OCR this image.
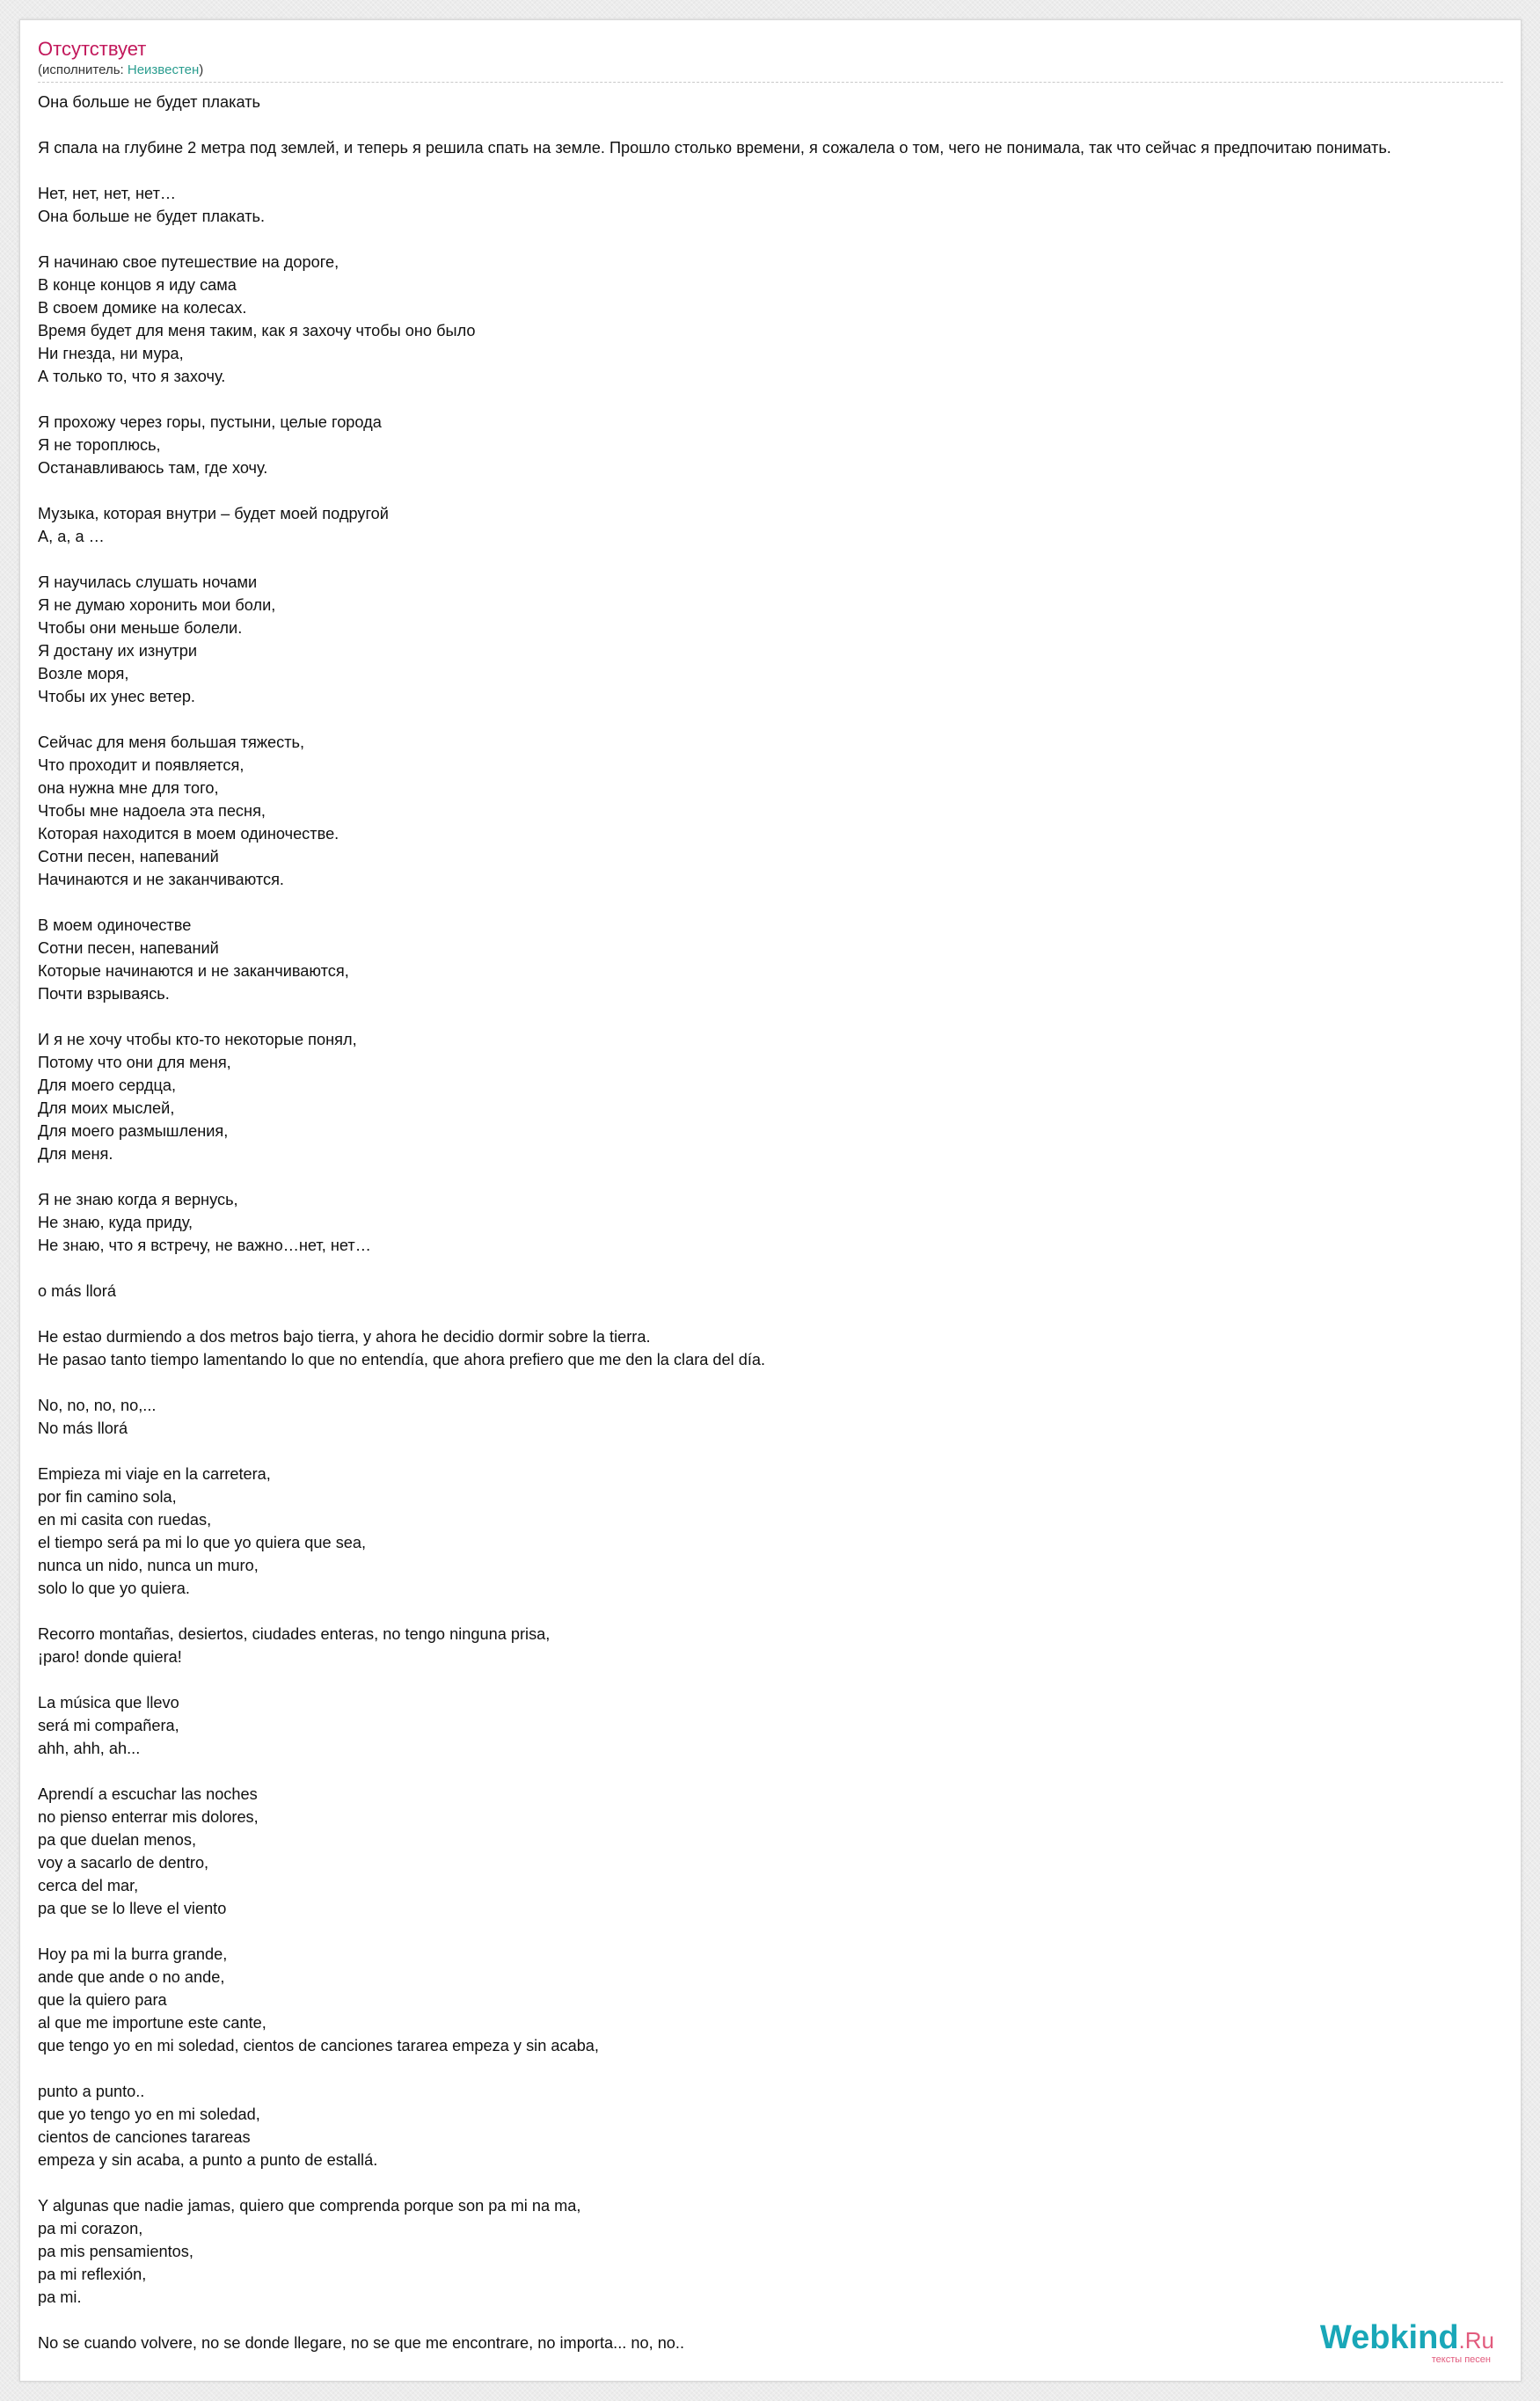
Отсутствует
(исполнитель: Неизвестен)
Она больше не будет плакать
Я спала на глубине 2 метра под землей, и теперь я решила спать на земле. Прошло столько времени, я сожалела о том, чего не понимала, так что сейчас я предпочитаю понимать.
Нет, нет, нет, нет…
Она больше не будет плакать.
Я начинаю свое путешествие на дороге,
В конце концов я иду сама
В своем домике на колесах.
Время будет для меня таким, как я захочу чтобы оно было
Ни гнезда, ни мура,
А только то, что я захочу.
Я прохожу через горы, пустыни, целые города
Я не тороплюсь,
Останавливаюсь там, где хочу.
Музыка, которая внутри – будет моей подругой
А, а, а …
Я научилась слушать ночами
Я не думаю хоронить мои боли,
Чтобы они меньше болели.
Я достану их изнутри
Возле моря,
Чтобы их унес ветер.
Сейчас для меня большая тяжесть,
Что проходит и появляется,
она нужна мне для того,
Чтобы мне надоела эта песня,
Которая находится в моем одиночестве.
Сотни песен, напеваний
Начинаются и не заканчиваются.
В моем одиночестве
Сотни песен, напеваний
Которые начинаются и не заканчиваются,
Почти взрываясь.
И я не хочу чтобы кто-то некоторые понял,
Потому что они для меня,
Для моего сердца,
Для моих мыслей,
Для моего размышления,
Для меня.
Я не знаю когда я вернусь,
Не знаю, куда приду,
Не знаю, что я встречу, не важно…нет, нет…
o más llorá
He estao durmiendo a dos metros bajo tierra, y ahora he decidio dormir sobre la tierra.
He pasao tanto tiempo lamentando lo que no entendía, que ahora prefiero que me den la clara del día.
No, no, no, no,...
No más llorá
Empieza mi viaje en la carretera,
por fin camino sola,
en mi casita con ruedas,
el tiempo será pa mi lo que yo quiera que sea,
nunca un nido, nunca un muro,
solo lo que yo quiera.
Recorro montañas, desiertos, ciudades enteras, no tengo ninguna prisa,
¡paro! donde quiera!
La música que llevo
será mi compañera,
ahh, ahh, ah...
Aprendí a escuchar las noches
no pienso enterrar mis dolores,
pa que duelan menos,
voy a sacarlo de dentro,
cerca del mar,
pa que se lo lleve el viento
Hoy pa mi la burra grande,
ande que ande o no ande,
que la quiero para
al que me importune este cante,
que tengo yo en mi soledad, cientos de canciones tararea empeza y sin acaba,
punto a punto..
que yo tengo yo en mi soledad,
cientos de canciones tarareas
empeza y sin acaba, a punto a punto de estallá.
Y algunas que nadie jamas, quiero que comprenda porque son pa mi na ma,
pa mi corazon,
pa mis pensamientos,
pa mi reflexión,
pa mi.
No se cuando volvere, no se donde llegare, no se que me encontrare, no importa... no, no..	Webkind.Ru
тексты песен
